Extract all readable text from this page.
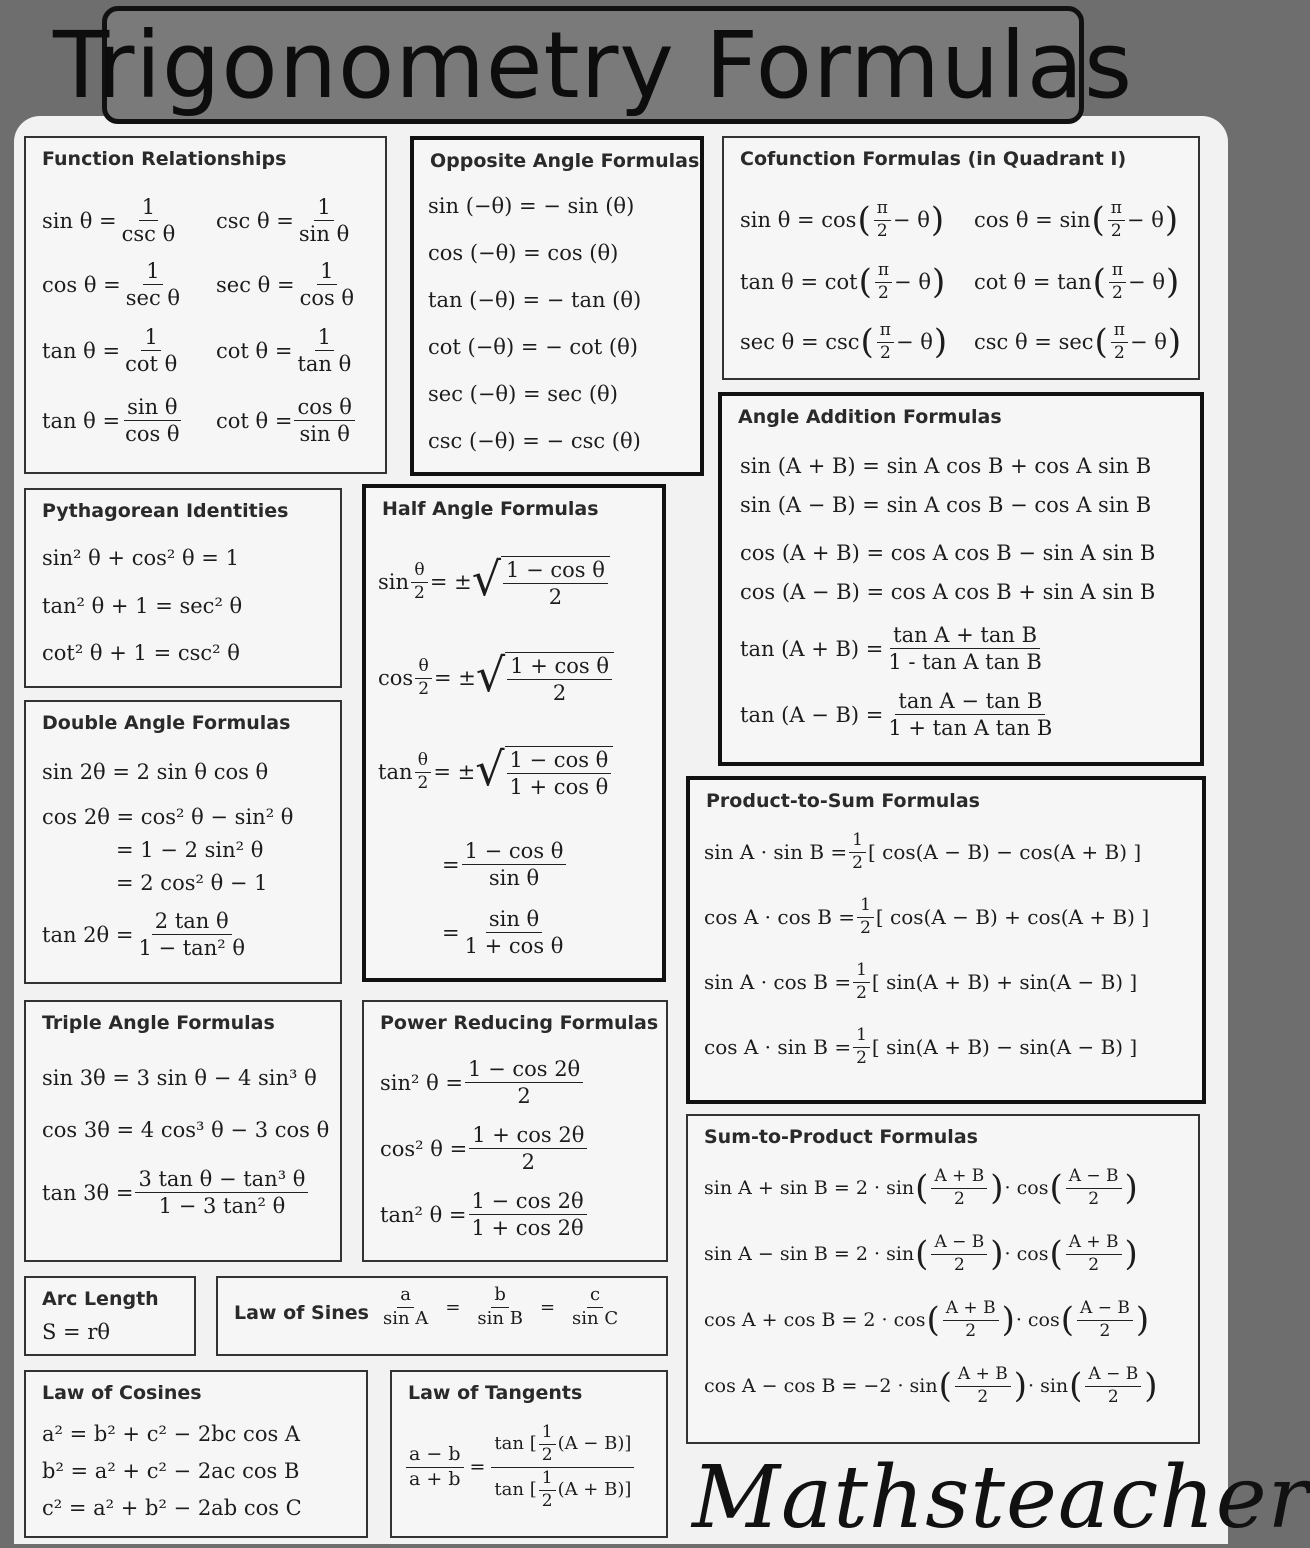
Trigonometry Formulas
Function Relationships	Opposite Angle Formulas Cofunction Formulas (in Quadrant I)
Angle Addition Formulas
sin (A + B) = sin A cos B + cos A sin B
sin (A − B) = sin A cos B − cos A sin B
cos (A + B) = cos A cos B − sin A sin B
cos (A − B) = cos A cos B + sin A sin B
$\tan (A + B) = \frac{\text{tan A + tan B}}{\text{1 - tan A tan B}}$
$\tan (A - B) = \frac{\text{tan A − tan B}}{\text{1 + tan A tan B}}$
Pythagorean Identities
sin² θ + cos² θ = 1
tan² θ + 1 = sec² θ
cot² θ + 1 = csc² θ
Half Angle Formulas
Product-to-Sum Formulas
Double Angle Formulas
sin 2θ = 2 sin θ cos θ
cos 2θ = cos² θ − sin² θ
= 1 − 2 sin² θ
= 2 cos² θ − 1
$\tan 2\theta = \frac{\text{2 tan θ}}{\text{1 − tan² θ}}$
Triple Angle Formulas
sin 3θ = 3 sin θ − 4 sin³ θ
cos 3θ = 4 cos³ θ − 3 cos θ
$\tan 3\theta = \frac{\text{3 tan θ − tan³ θ}}{\text{1 − 3 tan² θ}}$
Power Reducing Formulas
Sum-to-Product Formulas
Arc Length
S = rθ
Law of Sines $\frac{a}{\text{sin A}} = \frac{b}{\text{sin B}} = \frac{c}{\text{sin C}}$
Law of Cosines
a² = b² + c² − 2bc cos A
b² = a² + c² − 2ac cos B
c² = a² + b² − 2ab cos C
Law of Tangents
$\frac{a - b}{a + b} = \tan$ [
1
2
(A − B) ]
tan [
1
2
(A + B) ] Mathsteacher
sin θ =
1
csc θ
$\csc \theta = \frac{1}{\text{sin θ}}$
cos θ =
1
sec θ
$\sec \theta = \frac{1}{\text{cos θ}}$
$\tan \theta = \frac{1}{\text{cot θ}}$ $\cot \theta = \frac{1}{\text{tan θ}}$
$\tan \theta = \frac{\text{sin θ}}{\text{cos θ}}$ $\cot \theta = \frac{\text{cos θ}}{\text{sin θ}}$
sin (−θ) = − sin (θ)
cos (−θ) = cos (θ)
tan (−θ) = − tan (θ)
cot (−θ) = − cot (θ)
sec (−θ) = sec (θ)
csc (−θ) = − csc (θ)
sin θ = cos ( $\frac{\pi}{2} - \theta$ ) cos θ = sin ( $\frac{\pi}{2} - \theta$ )
tan θ = cot ( $\frac{\pi}{2} - \theta$ ) cot θ = tan ( $\frac{\pi}{2} - \theta$ )
sec θ = csc ( $\frac{\pi}{2} - \theta$ ) csc θ = sec ( $\frac{\pi}{2} - \theta$ )
$\sin \frac{\theta}{2}$ = ± √ $\frac{\text{1 − cos θ}}{2}$
$\cos \frac{\theta}{2}$ = ± √ $\frac{\text{1 + cos θ}}{2}$
$\tan \frac{\theta}{2}$ = ± √ $\frac{\text{1 − cos θ}}{\text{1 + cos θ}}$
= $\frac{\text{1 − cos θ}}{\text{sin θ}}$
= $\frac{\text{sin θ}}{\text{1 + cos θ}}$
$\sin A \cdot \sin B = \frac{1}{2}$ [ cos(A − B) − cos(A + B) ]
$\cos A \cdot \cos B = \frac{1}{2}$ [ cos(A − B) + cos(A + B) ]
$\sin A \cdot \cos B = \frac{1}{2}$ [ sin(A + B) + sin(A − B) ]
$\cos A \cdot \sin B = \frac{1}{2}$ [ sin(A + B) − sin(A − B) ]
sin² $\theta = \frac{1 - \cos 2\theta}{2}$
cos² $\theta = \frac{1 + \cos 2\theta}{2}$
tan² $\theta = \frac{1 - \cos 2\theta}{1 + \cos 2\theta}$
sin A + sin B = 2 · sin ( $\frac{A + B}{2}$ ) · cos ( $\frac{A - B}{2}$ )
sin A − sin B = 2 · sin ( $\frac{A - B}{2}$ ) · cos ( $\frac{A + B}{2}$ )
cos A + cos B = 2 · cos ( $\frac{A + B}{2}$ ) · cos ( $\frac{A - B}{2}$ )
cos A − cos B = −2 · sin ( $\frac{A + B}{2}$ ) · sin ( $\frac{A - B}{2}$ )
